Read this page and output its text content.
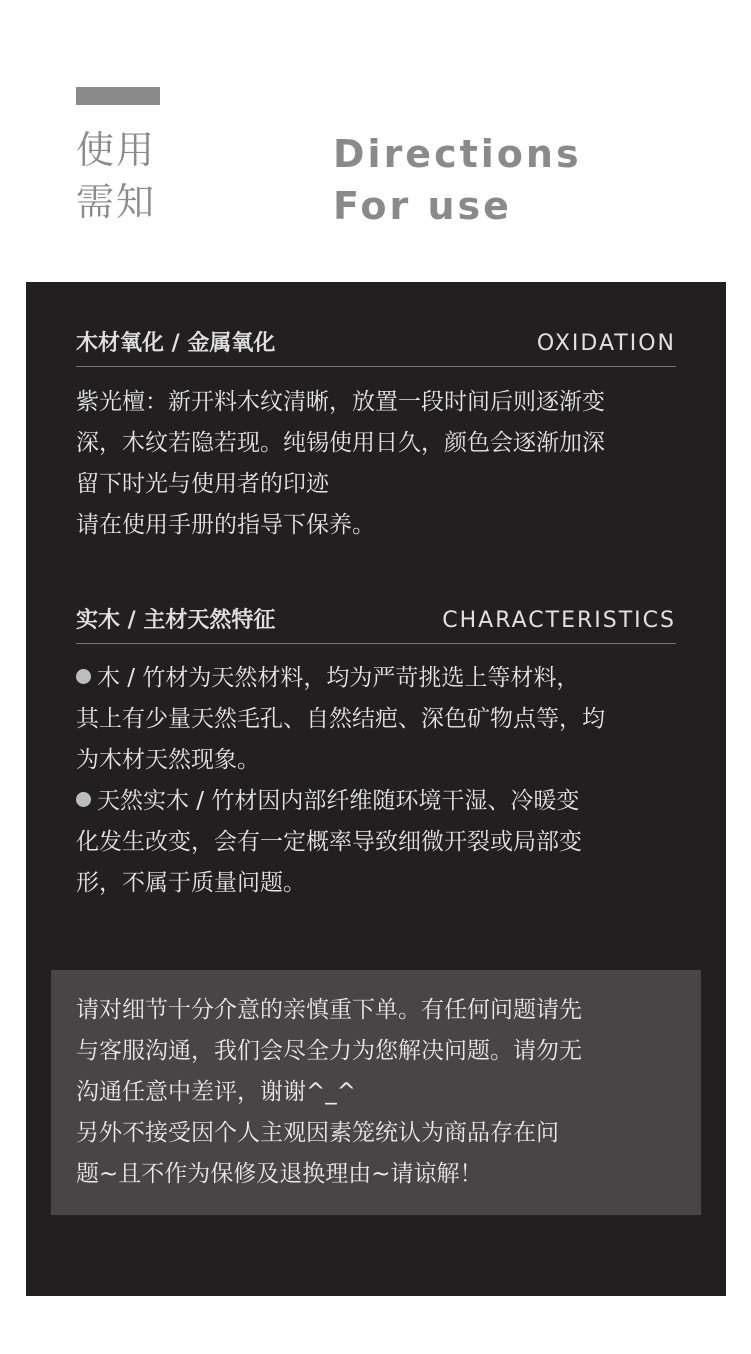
使用
需知
Directions
For use
木材氧化 / 金属氧化	OXIDATION

紫光檀：新开料木纹清晰，放置一段时间后则逐渐变

深，木纹若隐若现。纯锡使用日久，颜色会逐渐加深

留下时光与使用者的印迹

请在使用手册的指导下保养。

实木 / 主材天然特征	CHARACTERISTICS

木 / 竹材为天然材料，均为严苛挑选上等材料，

其上有少量天然毛孔、自然结疤、深色矿物点等，均

为木材天然现象。

天然实木 / 竹材因内部纤维随环境干湿、冷暖变

化发生改变，会有一定概率导致细微开裂或局部变

形，不属于质量问题。

请对细节十分介意的亲慎重下单。有任何问题请先

与客服沟通，我们会尽全力为您解决问题。请勿无

沟通任意中差评，谢谢^_^

另外不接受因个人主观因素笼统认为商品存在问

题~且不作为保修及退换理由~请谅解！
